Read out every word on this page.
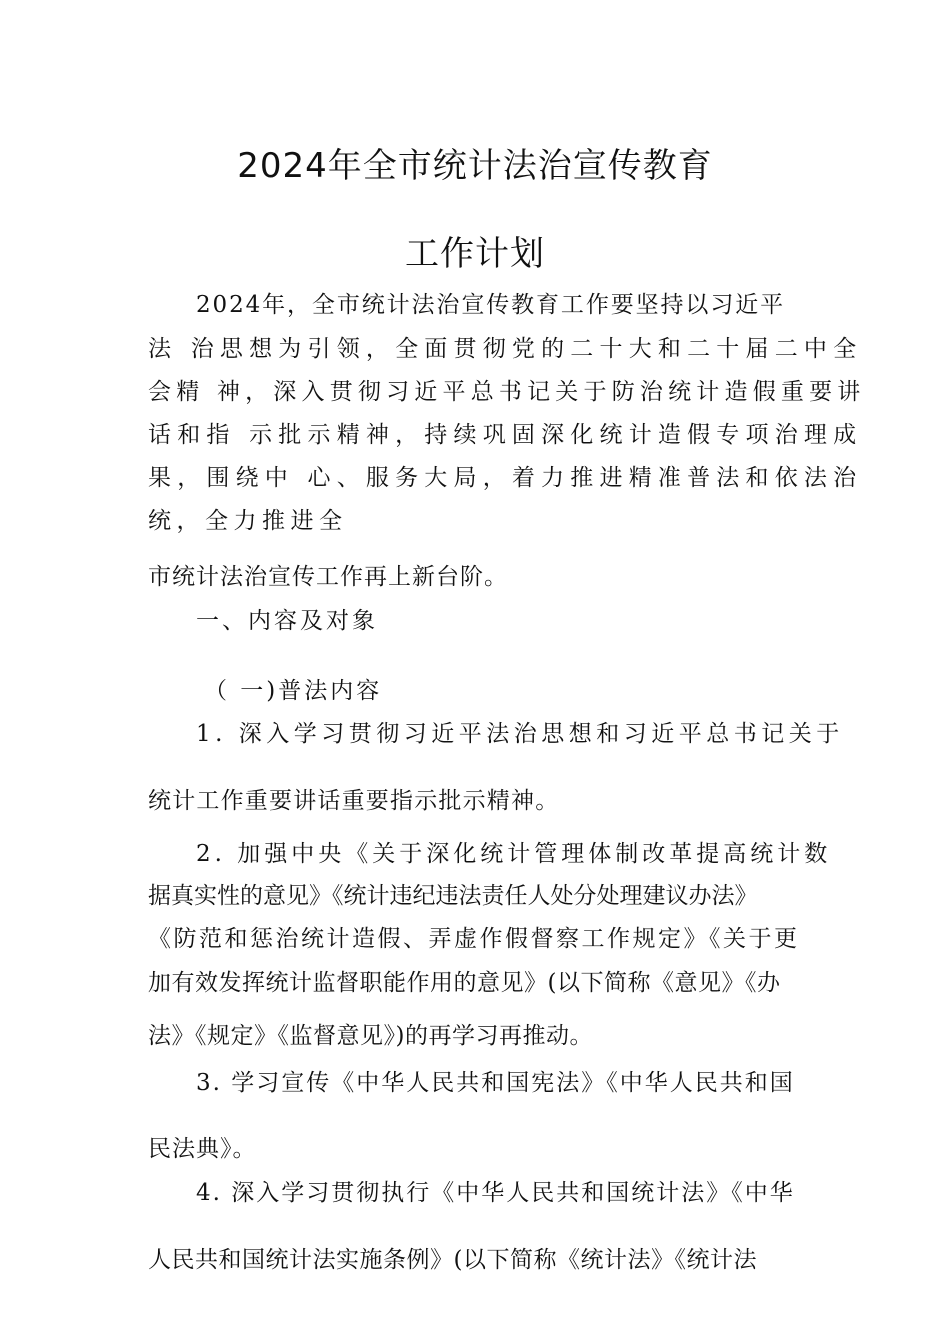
2024年全市统计法治宣传教育
工作计划
2024年，全市统计法治宣传教育工作要坚持以习近平
法 治思想为引领，全面贯彻党的二十大和二十届二中全
会精 神，深入贯彻习近平总书记关于防治统计造假重要讲
话和指 示批示精神，持续巩固深化统计造假专项治理成
果，围绕中 心、服务大局，着力推进精准普法和依法治
统，全力推进全
市统计法治宣传工作再上新台阶。
一、内容及对象
（ 一)普法内容
1. 深入学习贯彻习近平法治思想和习近平总书记关于
统计工作重要讲话重要指示批示精神。
2. 加强中央《关于深化统计管理体制改革提高统计数
据真实性的意见》《统计违纪违法责任人处分处理建议办法》
《防范和惩治统计造假、弄虚作假督察工作规定》《关于更
加有效发挥统计监督职能作用的意见》(以下简称《意见》《办
法》《规定》《监督意见》)的再学习再推动。
3. 学习宣传《中华人民共和国宪法》《中华人民共和国
民法典》。
4. 深入学习贯彻执行《中华人民共和国统计法》《中华
人民共和国统计法实施条例》(以下简称《统计法》《统计法
